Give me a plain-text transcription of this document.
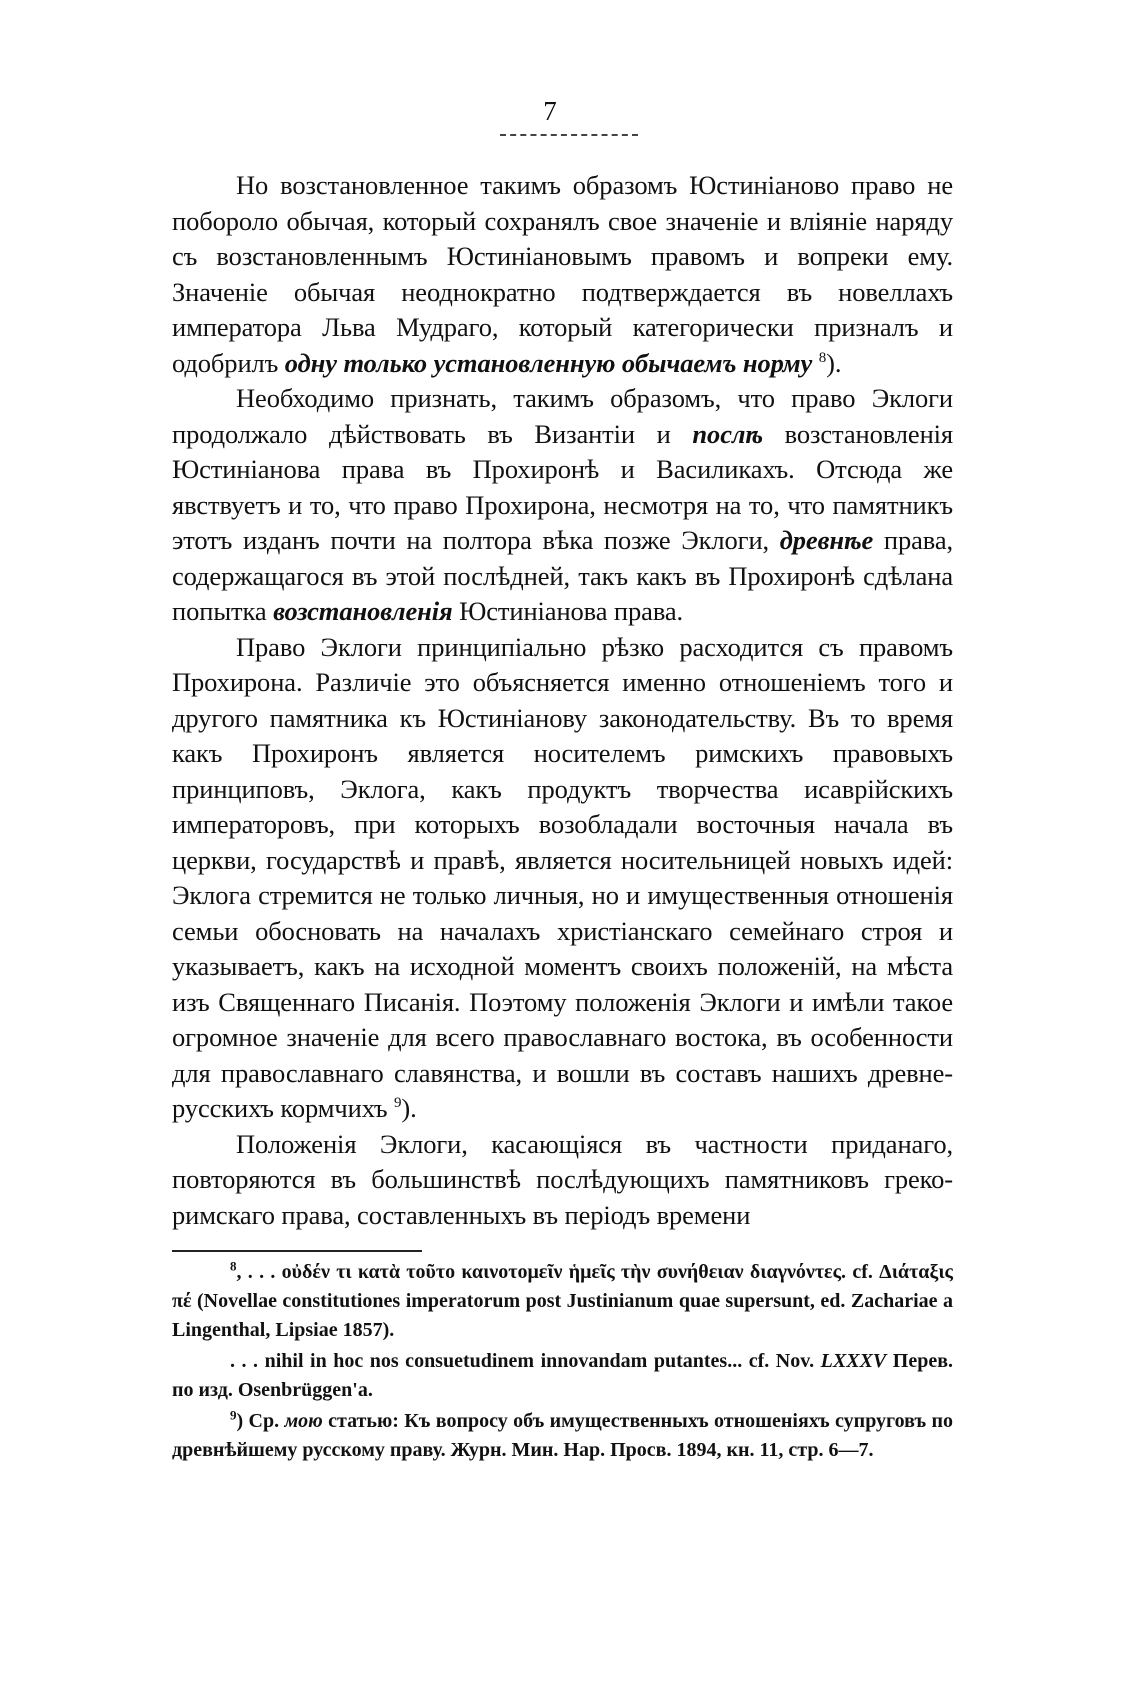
7

Но возстановленное такимъ образомъ Юстиніаново право не поборолo обычая, который сохранялъ свое значеніе и вліяніе наряду съ возстановленнымъ Юстиніановымъ правомъ и вопреки ему. Значеніе обычая неоднократно подтверждается въ новеллахъ императора Льва Мудраго, который категорически призналъ и одобрилъ одну только установленную обычаемъ норму $^8$).

Необходимо признать, такимъ образомъ, что право Эклоги продолжало дѣйствовать въ Византіи и послѣ возстановленія Юстиніанова права въ Прохиронѣ и Василикахъ. Отсюда же явствуетъ и то, что право Прохирона, несмотря на то, что памятникъ этотъ изданъ почти на полтора вѣка позже Эклоги, древнѣе права, содержащагося въ этой послѣдней, такъ какъ въ Прохиронѣ сдѣлана попытка возстановленія Юстиніанова права.

Право Эклоги принципіально рѣзко расходится съ правомъ Прохирона. Различіе это объясняется именно отношеніемъ того и другого памятника къ Юстиніанову законодательству. Въ то время какъ Прохиронъ является носителемъ римскихъ правовыхъ принциповъ, Эклога, какъ продуктъ творчества исаврійскихъ императоровъ, при которыхъ возобладали восточныя начала въ церкви, государствѣ и правѣ, является носительницей новыхъ идей: Эклога стремится не только личныя, но и имущественныя отношенія семьи обосновать на началахъ христіанскаго семейнаго строя и указываетъ, какъ на исходной моментъ своихъ положеній, на мѣста изъ Священнаго Писанія. Поэтому положенія Эклоги и имѣли такое огромное значеніе для всего православнаго востока, въ особенности для православнаго славянства, и вошли въ составъ нашихъ древне-русскихъ кормчихъ $^9$).

Положенія Эклоги, касающіяся въ частности приданаго, повторяются въ большинствѣ послѣдующихъ памятниковъ греко-римскаго права, составленныхъ въ періодъ времени

$^8$, . . . οὐδέν τι κατὰ τοῦτο καινοτομεῖν ἡμεῖς τὴν συνήθειαν διαγνόντες. cf. Διάταξις πέ (Novellae constitutiones imperatorum post Justinianum quae supersunt, ed. Zachariae a Lingenthal, Lipsiae 1857).

. . . nihil in hoc nos consuetudinem innovandam putantes... cf. Nov. LXXXV Перев. по изд. Osenbrüggen'a.

$^9$) Ср. мою статью: Къ вопросу объ имущественныхъ отношеніяхъ супруговъ по древнѣйшему русскому праву. Журн. Мин. Нар. Просв. 1894, кн. 11, стр. 6—7.
